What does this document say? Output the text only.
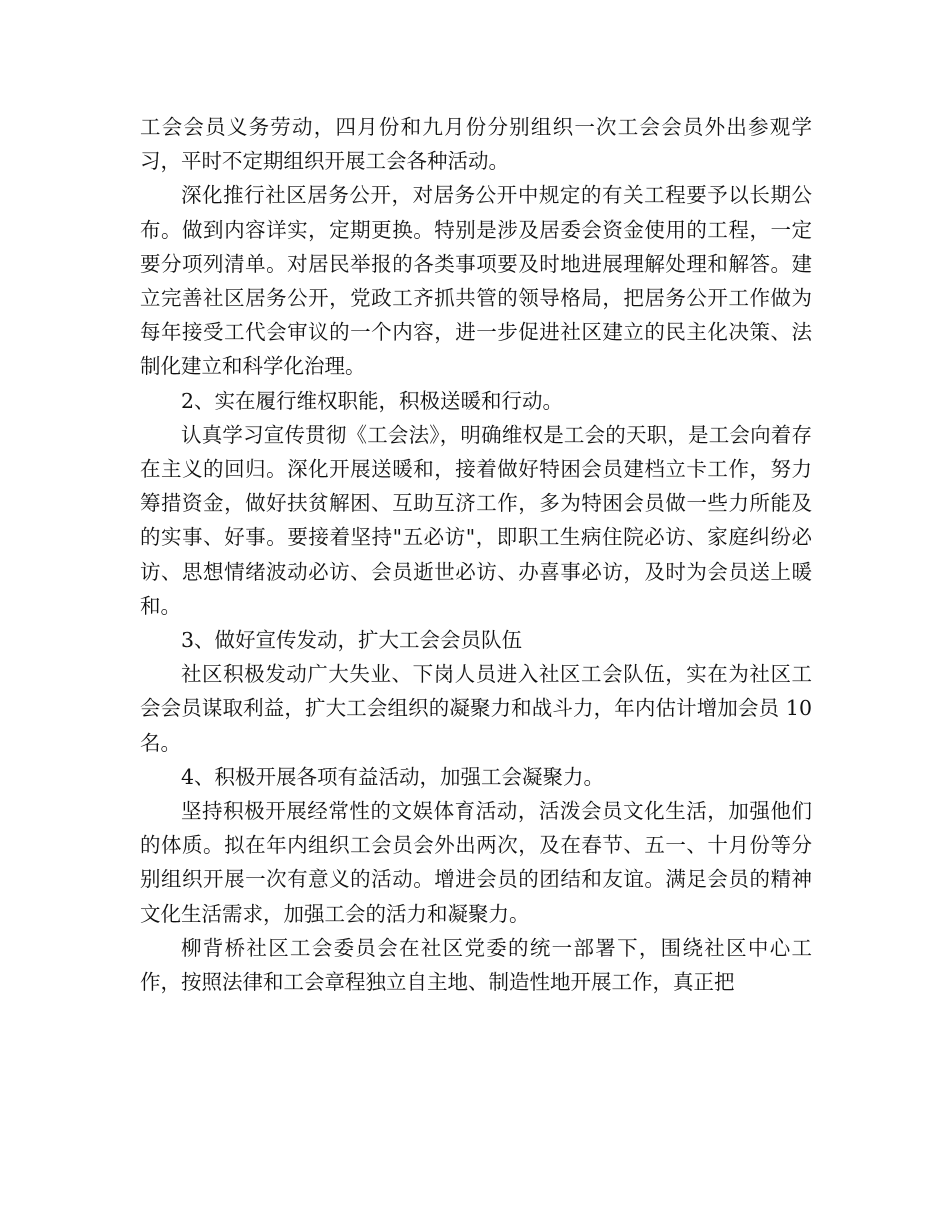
工会会员义务劳动，四月份和九月份分别组织一次工会会员外出参观学习，平时不定期组织开展工会各种活动。

深化推行社区居务公开，对居务公开中规定的有关工程要予以长期公布。做到内容详实，定期更换。特别是涉及居委会资金使用的工程，一定要分项列清单。对居民举报的各类事项要及时地进展理解处理和解答。建立完善社区居务公开，党政工齐抓共管的领导格局，把居务公开工作做为每年接受工代会审议的一个内容，进一步促进社区建立的民主化决策、法制化建立和科学化治理。

2、实在履行维权职能，积极送暖和行动。

认真学习宣传贯彻《工会法》，明确维权是工会的天职，是工会向着存在主义的回归。深化开展送暖和，接着做好特困会员建档立卡工作，努力筹措资金，做好扶贫解困、互助互济工作，多为特困会员做一些力所能及的实事、好事。要接着坚持"五必访"，即职工生病住院必访、家庭纠纷必访、思想情绪波动必访、会员逝世必访、办喜事必访，及时为会员送上暖和。

3、做好宣传发动，扩大工会会员队伍

社区积极发动广大失业、下岗人员进入社区工会队伍，实在为社区工会会员谋取利益，扩大工会组织的凝聚力和战斗力，年内估计增加会员 10 名。

4、积极开展各项有益活动，加强工会凝聚力。

坚持积极开展经常性的文娱体育活动，活泼会员文化生活，加强他们的体质。拟在年内组织工会员会外出两次，及在春节、五一、十月份等分别组织开展一次有意义的活动。增进会员的团结和友谊。满足会员的精神文化生活需求，加强工会的活力和凝聚力。

柳背桥社区工会委员会在社区党委的统一部署下，围绕社区中心工作，按照法律和工会章程独立自主地、制造性地开展工作，真正把
